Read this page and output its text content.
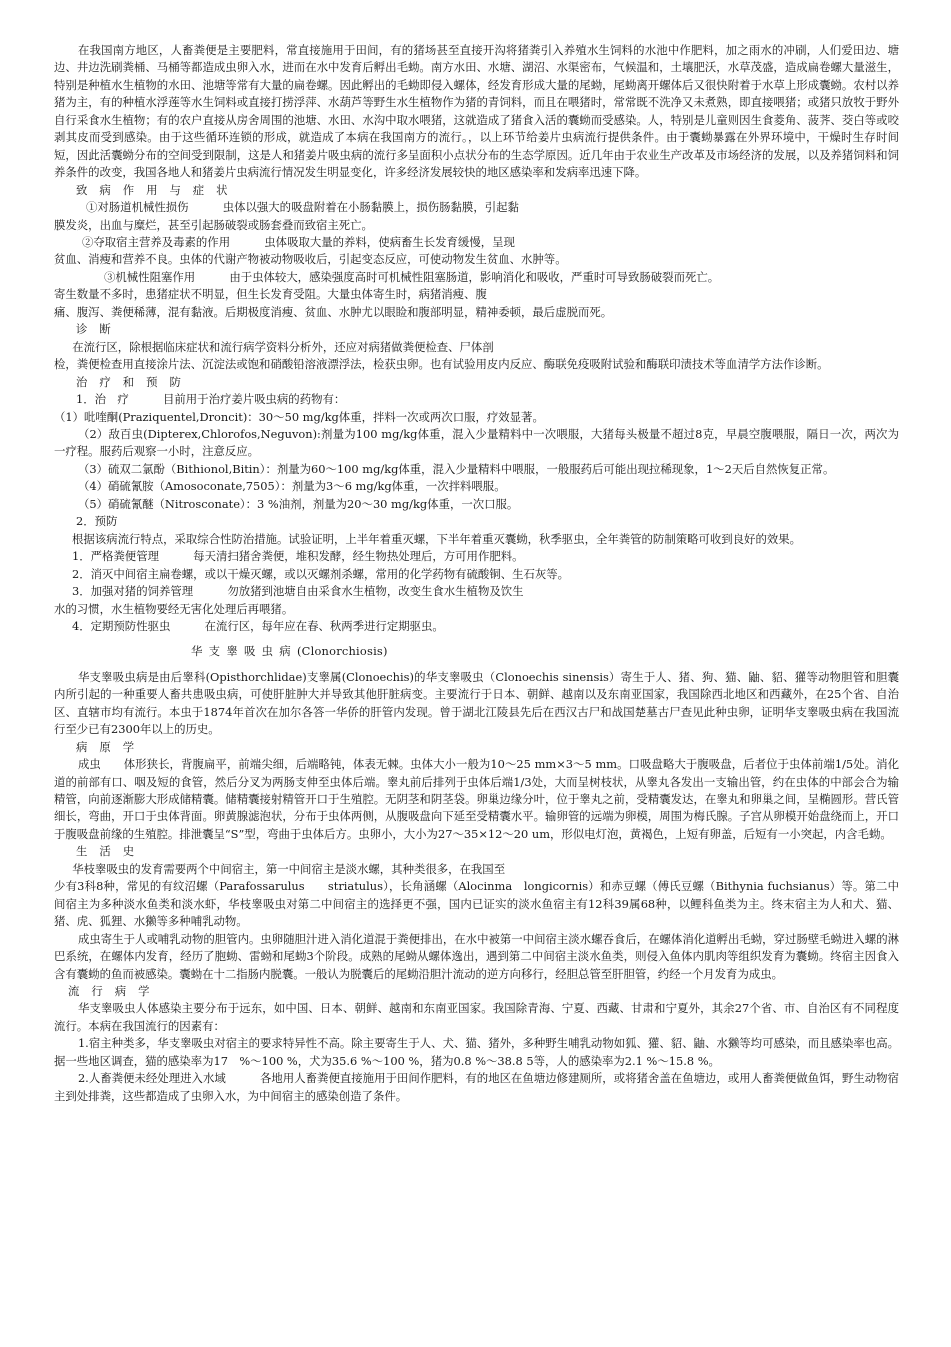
在我国南方地区，人畜粪便是主要肥料，常直接施用于田间，有的猪场甚至直接开沟将猪粪引入养殖水生饲料的水池中作肥料，加之雨水的冲刷，人们爱田边、塘边、井边洗刷粪桶、马桶等都造成虫卵入水，进而在水中发育后孵出毛蚴。南方水田、水塘、湖沼、水渠密布，气候温和，土壤肥沃，水草茂盛，造成扁卷螺大量滋生，特别是种植水生植物的水田、池塘等常有大量的扁卷螺。因此孵出的毛蚴即侵入螺体，经发育形成大量的尾蚴，尾蚴离开螺体后又很快附着于水草上形成囊蚴。农村以养猪为主，有的种植水浮莲等水生饲料或直接打捞浮萍、水葫芦等野生水生植物作为猪的青饲料，而且在喂猪时，常常既不洗净又未煮熟，即直接喂猪；或猪只放牧于野外自行采食水生植物；有的农户直接从房舍周围的池塘、水田、水沟中取水喂猪，这就造成了猪食入活的囊蚴而受感染。人，特别是儿童则因生食菱角、菠荠、茭白等或咬剥其皮而受到感染。由于这些循环连锁的形成，就造成了本病在我国南方的流行。，以上环节给姜片虫病流行提供条件。由于囊蚴暴露在外界环境中，干燥时生存时间短，因此活囊蚴分布的空间受到限制，这是人和猪姜片吸虫病的流行多呈面积小点状分布的生态学原因。近几年由于农业生产改革及市场经济的发展，以及养猪饲料和饲养条件的改变，我国各地人和猪姜片虫病流行情况发生明显变化，许多经济发展较快的地区感染率和发病率迅速下降。

致病作用与症状

①对肠道机械性损伤	虫体以强大的吸盘附着在小肠黏膜上，损伤肠黏膜，引起黏

膜发炎，出血与糜烂，甚至引起肠破裂或肠套叠而致宿主死亡。

②夺取宿主营养及毒素的作用	虫体吸取大量的养料，使病畜生长发育缓慢，呈现

贫血、消瘦和营养不良。虫体的代谢产物被动物吸收后，引起变态反应，可使动物发生贫血、水肿等。

③机械性阻塞作用	由于虫体较大，感染强度高时可机械性阻塞肠道，影响消化和吸收，严重时可导致肠破裂而死亡。

寄生数量不多时，患猪症状不明显，但生长发育受阻。大量虫体寄生时，病猪消瘦、腹

痛、腹泻、粪便稀薄，混有黏液。后期极度消瘦、贫血、水肿尤以眼睑和腹部明显，精神委顿，最后虚脱而死。

诊断

在流行区，除根据临床症状和流行病学资料分析外，还应对病猪做粪便检查、尸体剖

检，粪便检查用直接涂片法、沉淀法或饱和硝酸铅溶液漂浮法，检获虫卵。也有试验用皮内反应、酶联免疫吸附试验和酶联印渍技术等血清学方法作诊断。

治疗和预防

1．治　疗	目前用于治疗姜片吸虫病的药物有：

（1）吡喹酮(Praziquentel,Droncit)：30～50 mg/kg体重，拌料一次或两次口服，疗效显著。

（2）敌百虫(Dipterex,Chlorofos,Neguvon):剂量为100 mg/kg体重，混入少量精料中一次喂服，大猪每头极量不超过8克，早晨空腹喂服，隔日一次，两次为一疗程。服药后观察一小时，注意反应。

（3）硫双二氯酚（Bithionol,Bitin）：剂量为60～100 mg/kg体重，混入少量精料中喂服，一般服药后可能出现拉稀现象，1～2天后自然恢复正常。

（4）硝硫氰胺（Amosoconate,7505）：剂量为3～6 mg/kg体重，一次拌料喂服。

（5）硝硫氰醚（Nitrosconate）：3 %油剂，剂量为20～30 mg/kg体重，一次口服。

2．预防

根据该病流行特点，采取综合性防治措施。试验证明，上半年着重灭螺，下半年着重灭囊蚴，秋季驱虫，全年粪管的防制策略可收到良好的效果。

1．严格粪便管理	每天清扫猪舍粪便，堆积发酵，经生物热处理后，方可用作肥料。

2．消灭中间宿主扁卷螺，或以干燥灭螺，或以灭螺剂杀螺，常用的化学药物有硫酸铜、生石灰等。

3．加强对猪的饲养管理	勿放猪到池塘自由采食水生植物，改变生食水生植物及饮生

水的习惯，水生植物要经无害化处理后再喂猪。

4．定期预防性驱虫	在流行区，每年应在春、秋两季进行定期驱虫。

华支睾吸虫病(Clonorchiosis)

华支睾吸虫病是由后睾科(Opisthorchlidae)支睾属(Clonoechis)的华支睾吸虫（Clonoechis sinensis）寄生于人、猪、狗、猫、鼬、貂、獾等动物胆管和胆囊内所引起的一种重要人畜共患吸虫病，可使肝脏肿大并导致其他肝脏病变。主要流行于日本、朝鲜、越南以及东南亚国家，我国除西北地区和西藏外，在25个省、自治区、直辖市均有流行。本虫于1874年首次在加尔各答一华侨的肝管内发现。曾于湖北江陵县先后在西汉古尸和战国楚墓古尸查见此种虫卵，证明华支睾吸虫病在我国流行至少已有2300年以上的历史。

病原学

成虫 体形狭长，背腹扁平，前端尖细，后端略钝，体表无棘。虫体大小一般为10～25 mm×3～5 mm。口吸盘略大于腹吸盘，后者位于虫体前端1/5处。消化道的前部有口、咽及短的食管，然后分叉为两肠支伸至虫体后端。睾丸前后排列于虫体后端1/3处，大而呈树枝状，从睾丸各发出一支输出管，约在虫体的中部会合为输精管，向前逐渐膨大形成储精囊。储精囊接射精管开口于生殖腔。无阴茎和阴茎袋。卵巢边缘分叶，位于睾丸之前，受精囊发达，在睾丸和卵巢之间，呈椭圆形。营氏管细长，弯曲，开口于虫体背面。卵黄腺滤泡状，分布于虫体两侧，从腹吸盘向下延至受精囊水平。输卵管的远端为卵模，周围为梅氏腺。子宫从卵模开始盘绕而上，开口于腹吸盘前缘的生殖腔。排泄囊呈“S”型，弯曲于虫体后方。虫卵小，大小为27～35×12～20 um，形似电灯泡，黄褐色，上短有卵盖，后短有一小突起，内含毛蚴。

生活史

华枝睾吸虫的发育需要两个中间宿主，第一中间宿主是淡水螺，其种类很多，在我国至

少有3科8种，常见的有纹沼螺（Parafossarulus　　striatulus），长角涵螺（Alocinma　longicornis）和赤豆螺（傅氏豆螺（Bithynia fuchsianus）等。第二中间宿主为多种淡水鱼类和淡水虾，华枝睾吸虫对第二中间宿主的选择更不强，国内已证实的淡水鱼宿主有12科39属68种，以鲤科鱼类为主。终末宿主为人和犬、猫、猪、虎、狐狸、水獭等多种哺乳动物。

成虫寄生于人或哺乳动物的胆管内。虫卵随胆汁进入消化道混于粪便排出，在水中被第一中间宿主淡水螺吞食后，在螺体消化道孵出毛蚴，穿过肠壁毛蚴进入螺的淋巴系统，在螺体内发育，经历了胞蚴、雷蚴和尾蚴3个阶段。成熟的尾蚴从螺体逸出，遇到第二中间宿主淡水鱼类，则侵入鱼体内肌肉等组织发育为囊蚴。终宿主因食入含有囊蚴的鱼而被感染。囊蚴在十二指肠内脱囊。一般认为脱囊后的尾蚴沿胆汁流动的逆方向移行，经胆总管至肝胆管，约经一个月发育为成虫。

流行病学

华支睾吸虫人体感染主要分布于远东，如中国、日本、朝鲜、越南和东南亚国家。我国除青海、宁夏、西藏、甘肃和宁夏外，其余27个省、市、自治区有不同程度流行。本病在我国流行的因素有：

1.宿主种类多，华支睾吸虫对宿主的要求特异性不高。除主要寄生于人、犬、猫、猪外，多种野生哺乳动物如狐、獾、貂、鼬、水獭等均可感染，而且感染率也高。据一些地区调查，猫的感染率为17　%～100 %，犬为35.6 %～100 %，猪为0.8 %～38.8 5等，人的感染率为2.1 %～15.8 %。

2.人畜粪便未经处理进入水域	各地用人畜粪便直接施用于田间作肥料，有的地区在鱼塘边修建厕所，或将猪舍盖在鱼塘边，或用人畜粪便做鱼饵，野生动物宿主到处排粪，这些都造成了虫卵入水，为中间宿主的感染创造了条件。
